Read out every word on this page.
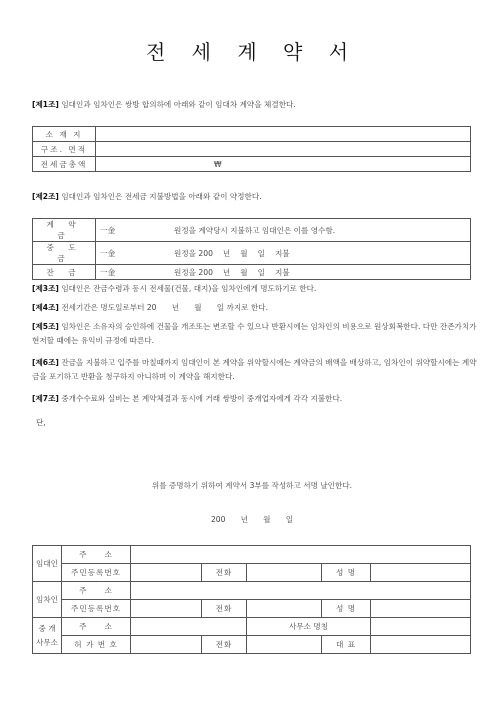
전 세 계 약 서
[제1조] 임대인과 임차인은 쌍방 합의하에 아래와 같이 임대차 계약을 체결한다.
소 재 지	
구조. 면적	
전세금총액	₩
[제2조] 임대인과 임차인은 전세금 지불방법을 아래와 같이 약정한다.
계 약 금	一金	원정을 계약당시 지불하고 임대인은 이를 영수함.
중 도 금	一金	원정을 200　 년　 월　 일　 지불
잔 금	一金	원정을 200　 년　 월　 일　 지불
[제3조] 임대인은 잔금수령과 동시 전세물(건물, 대지)을 임차인에게 명도하기로 한다.
[제4조] 전세기간은 명도일로부터 20　　년　　월　　일 까지로 한다.
[제5조] 임차인은 소유자의 승인하에 건물을 개조또는 변조할 수 있으나 반환시에는 임차인의 비용으로 원상회복한다. 다만 잔존가치가 현저할 때에는 유익비 규정에 따른다.
[제6조] 잔금을 지불하고 입주를 마칠때까지 임대인이 본 계약을 위약할시에는 계약금의 배액을 배상하고, 임차인이 위약할시에는 계약금을 포기하고 반환을 청구하지 아니하며 이 계약을 해지한다.
[제7조] 중개수수료와 실비는 본 계약체결과 동시에 거래 쌍방이 중개업자에게 각각 지불한다.
단,
위를 증명하기 위하여 계약서 3부를 작성하고 서명 날인한다.
200　　년　　월　　일
임대인	주　　소					
	주민등록번호		전화		성 명	
임차인	주　　소					
	주민등록번호		전화		성 명	
중 개
사무소	주　　소			사무소 명칭		
	허 가 번 호		전화		대 표	
